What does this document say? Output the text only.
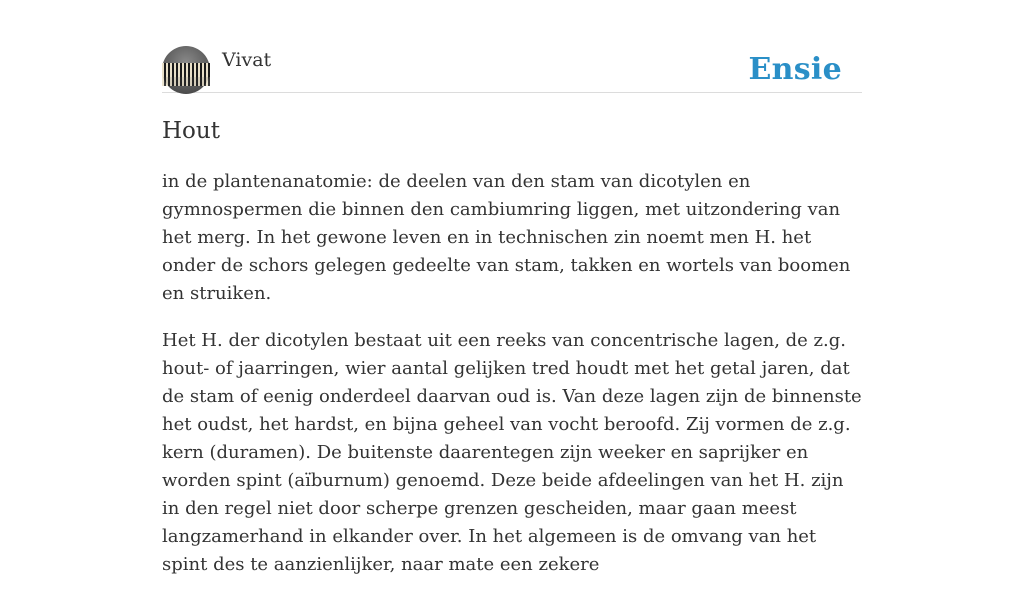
Vivat	Ensie
Hout

in de plantenanatomie: de deelen van den stam van dicotylen en gymnospermen die binnen den cambiumring liggen, met uitzondering van het merg. In het gewone leven en in technischen zin noemt men H. het onder de schors gelegen gedeelte van stam, takken en wortels van boomen en struiken.

Het H. der dicotylen bestaat uit een reeks van concentrische lagen, de z.g. hout- of jaarringen, wier aantal gelijken tred houdt met het getal jaren, dat de stam of eenig onderdeel daarvan oud is. Van deze lagen zijn de binnenste het oudst, het hardst, en bijna geheel van vocht beroofd. Zij vormen de z.g. kern (duramen). De buitenste daarentegen zijn weeker en saprijker en worden spint (aïburnum) genoemd. Deze beide afdeelingen van het H. zijn in den regel niet door scherpe grenzen gescheiden, maar gaan meest langzamerhand in elkander over. In het algemeen is de omvang van het spint des te aanzienlijker, naar mate een zekere
